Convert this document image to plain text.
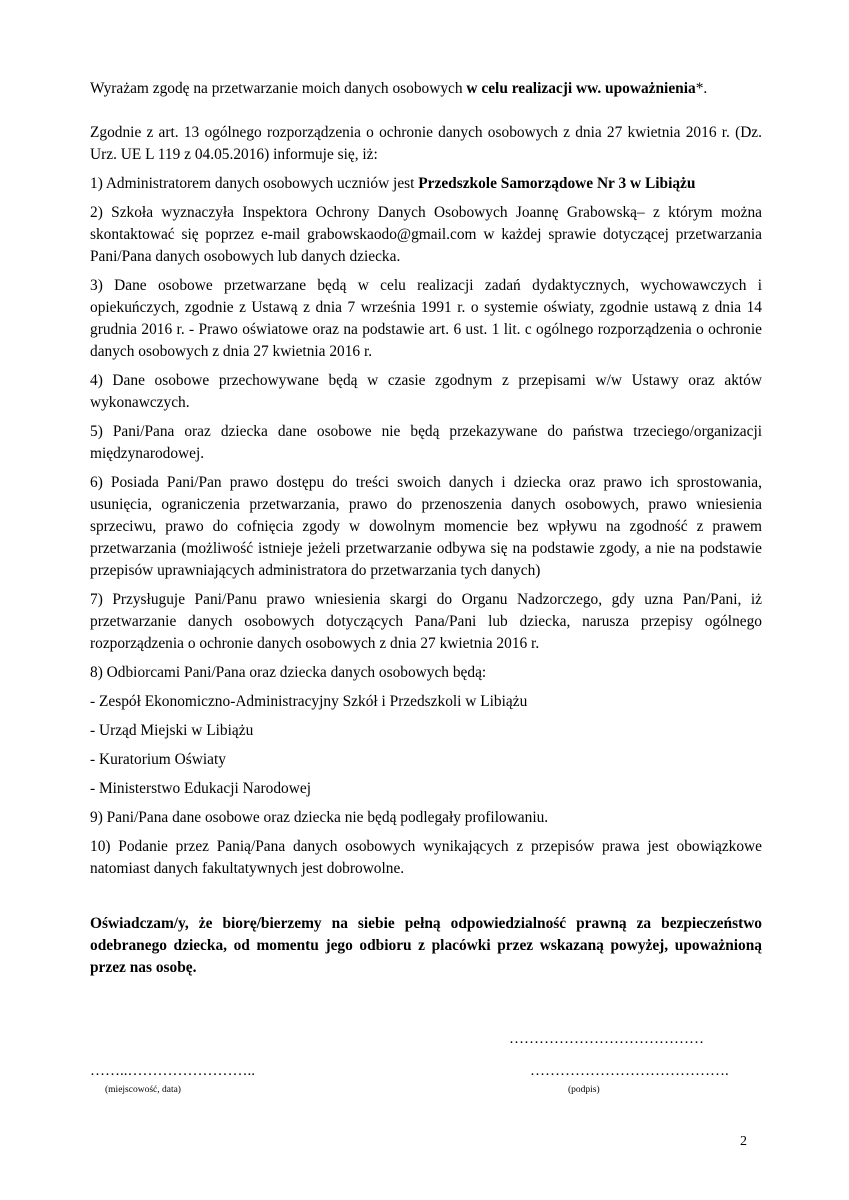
Wyrażam zgodę na przetwarzanie moich danych osobowych w celu realizacji ww. upoważnienia*.

Zgodnie z art. 13 ogólnego rozporządzenia o ochronie danych osobowych z dnia 27 kwietnia 2016 r. (Dz. Urz. UE L 119 z 04.05.2016) informuje się, iż:

1) Administratorem danych osobowych uczniów jest Przedszkole Samorządowe Nr 3 w Libiążu

2) Szkoła wyznaczyła Inspektora Ochrony Danych Osobowych Joannę Grabowską– z którym można skontaktować się poprzez e-mail grabowskaodo@gmail.com w każdej sprawie dotyczącej przetwarzania Pani/Pana danych osobowych lub danych dziecka.

3) Dane osobowe przetwarzane będą w celu realizacji zadań dydaktycznych, wychowawczych i opiekuńczych, zgodnie z Ustawą z dnia 7 września 1991 r. o systemie oświaty, zgodnie ustawą z dnia 14 grudnia 2016 r. - Prawo oświatowe oraz na podstawie art. 6 ust. 1 lit. c ogólnego rozporządzenia o ochronie danych osobowych z dnia 27 kwietnia 2016 r.

4) Dane osobowe przechowywane będą w czasie zgodnym z przepisami w/w Ustawy oraz aktów wykonawczych.

5) Pani/Pana oraz dziecka dane osobowe nie będą przekazywane do państwa trzeciego/organizacji międzynarodowej.

6) Posiada Pani/Pan prawo dostępu do treści swoich danych i dziecka oraz prawo ich sprostowania, usunięcia, ograniczenia przetwarzania, prawo do przenoszenia danych osobowych, prawo wniesienia sprzeciwu, prawo do cofnięcia zgody w dowolnym momencie bez wpływu na zgodność z prawem przetwarzania (możliwość istnieje jeżeli przetwarzanie odbywa się na podstawie zgody, a nie na podstawie przepisów uprawniających administratora do przetwarzania tych danych)

7) Przysługuje Pani/Panu prawo wniesienia skargi do Organu Nadzorczego, gdy uzna Pan/Pani, iż przetwarzanie danych osobowych dotyczących Pana/Pani lub dziecka, narusza przepisy ogólnego rozporządzenia o ochronie danych osobowych z dnia 27 kwietnia 2016 r.

8) Odbiorcami Pani/Pana oraz dziecka danych osobowych będą:

- Zespół Ekonomiczno-Administracyjny Szkół i Przedszkoli w Libiążu

- Urząd Miejski w Libiążu

- Kuratorium Oświaty

- Ministerstwo Edukacji Narodowej

9) Pani/Pana dane osobowe oraz dziecka nie będą podlegały profilowaniu.

10) Podanie przez Panią/Pana danych osobowych wynikających z przepisów prawa jest obowiązkowe natomiast danych fakultatywnych jest dobrowolne.

Oświadczam/y, że biorę/bierzemy na siebie pełną odpowiedzialność prawną za bezpieczeństwo odebranego dziecka, od momentu jego odbioru z placówki przez wskazaną powyżej, upoważnioną przez nas osobę.

…………………………………
……..……………………..	………………………………….
(miejscowość, data)	(podpis)
2
